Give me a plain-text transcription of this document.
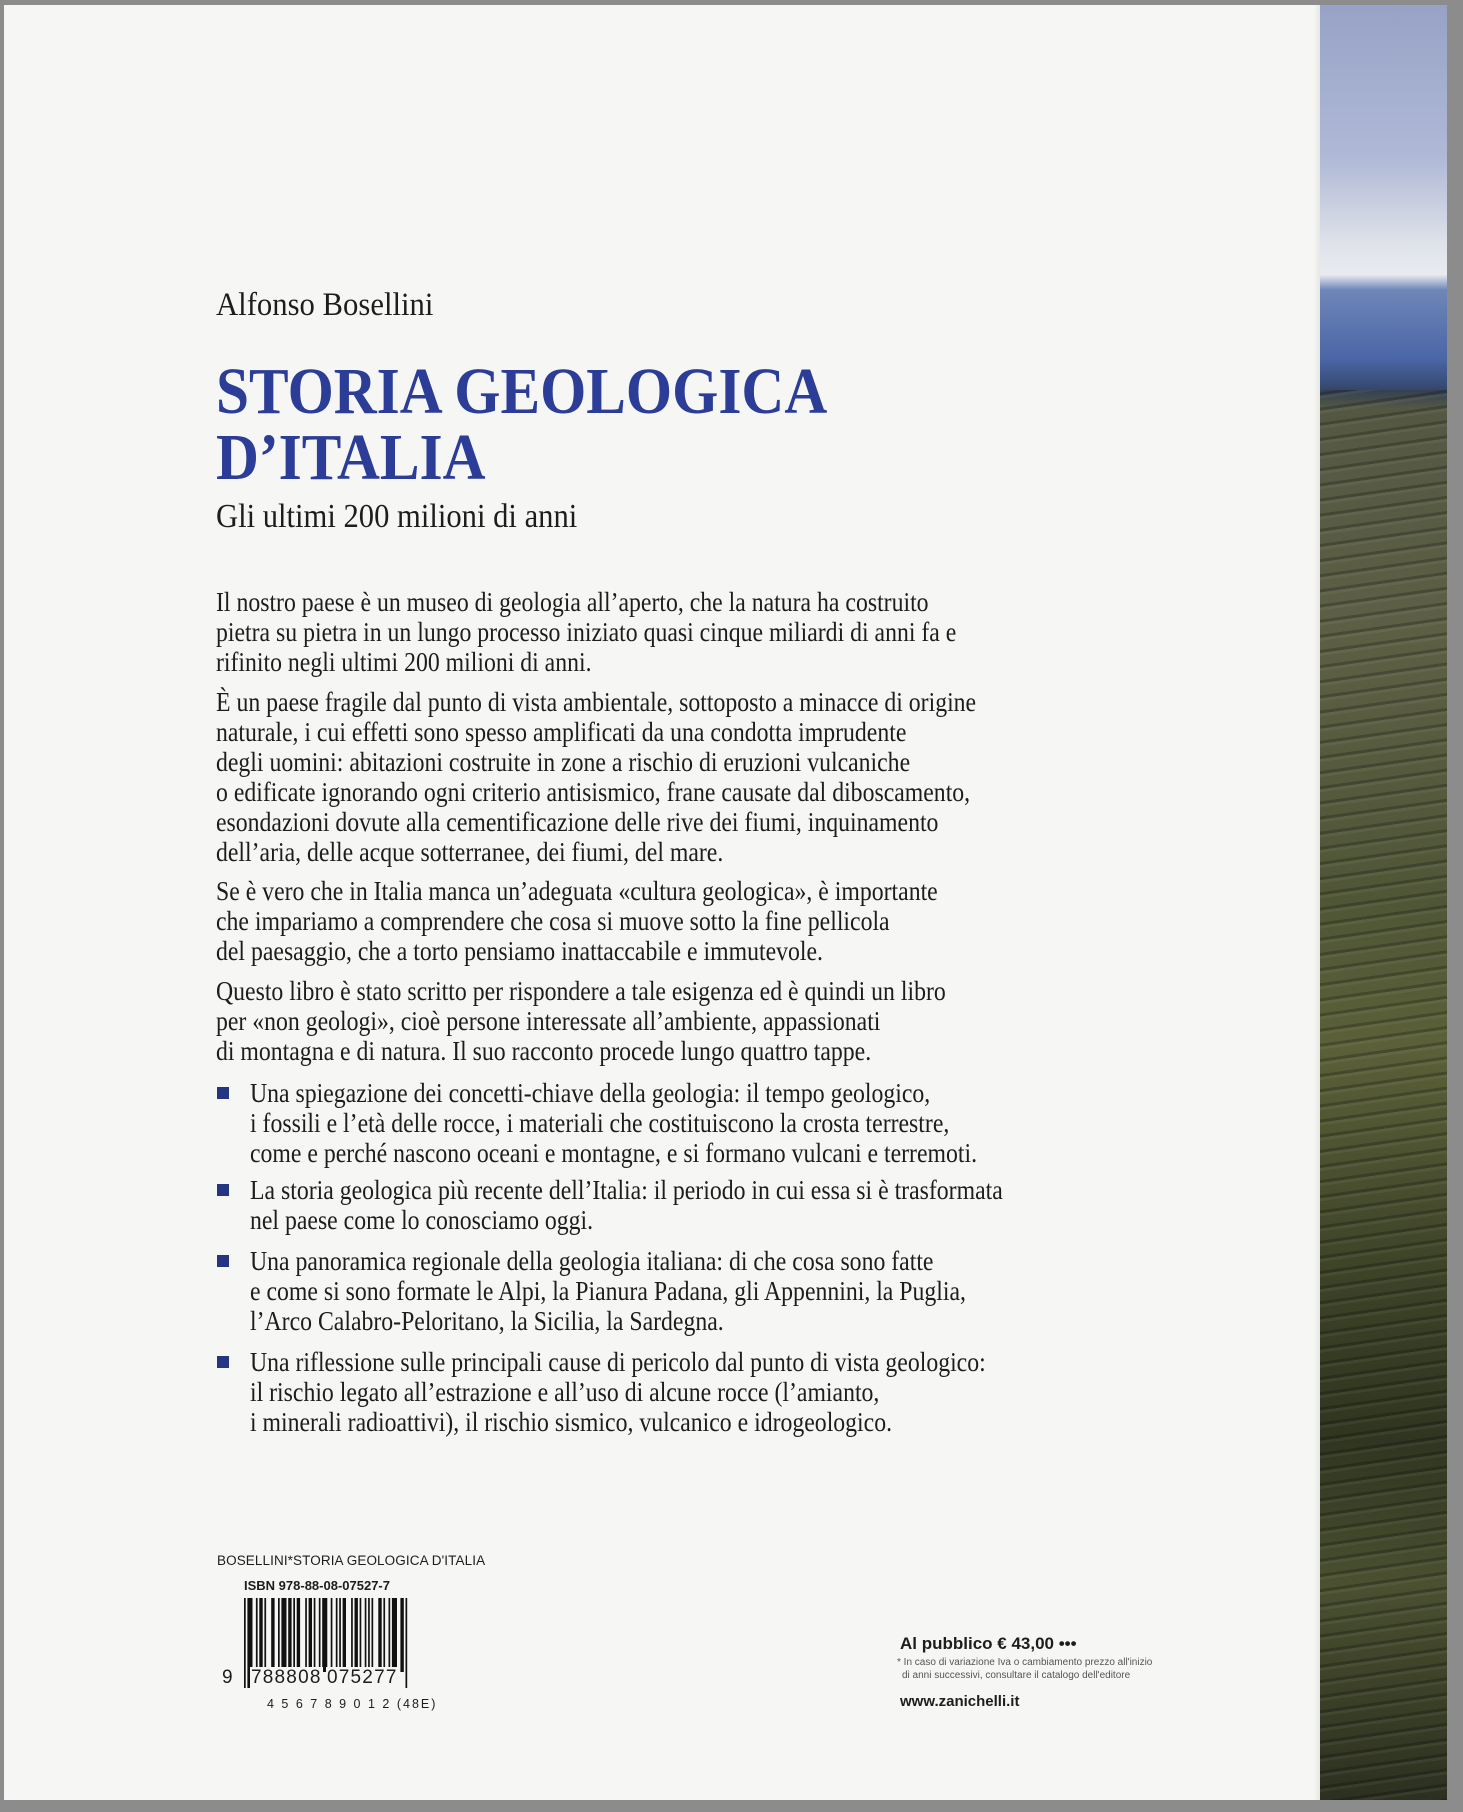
Alfonso Bosellini
STORIA GEOLOGICA
D’ITALIA
Gli ultimi 200 milioni di anni
Il nostro paese è un museo di geologia all’aperto, che la natura ha costruito
pietra su pietra in un lungo processo iniziato quasi cinque miliardi di anni fa e
rifinito negli ultimi 200 milioni di anni.
È un paese fragile dal punto di vista ambientale, sottoposto a minacce di origine
naturale, i cui effetti sono spesso amplificati da una condotta imprudente
degli uomini: abitazioni costruite in zone a rischio di eruzioni vulcaniche
o edificate ignorando ogni criterio antisismico, frane causate dal diboscamento,
esondazioni dovute alla cementificazione delle rive dei fiumi, inquinamento
dell’aria, delle acque sotterranee, dei fiumi, del mare.
Se è vero che in Italia manca un’adeguata «cultura geologica», è importante
che impariamo a comprendere che cosa si muove sotto la fine pellicola
del paesaggio, che a torto pensiamo inattaccabile e immutevole.
Questo libro è stato scritto per rispondere a tale esigenza ed è quindi un libro
per «non geologi», cioè persone interessate all’ambiente, appassionati
di montagna e di natura. Il suo racconto procede lungo quattro tappe.
Una spiegazione dei concetti-chiave della geologia: il tempo geologico,
i fossili e l’età delle rocce, i materiali che costituiscono la crosta terrestre,
come e perché nascono oceani e montagne, e si formano vulcani e terremoti.
La storia geologica più recente dell’Italia: il periodo in cui essa si è trasformata
nel paese come lo conosciamo oggi.
Una panoramica regionale della geologia italiana: di che cosa sono fatte
e come si sono formate le Alpi, la Pianura Padana, gli Appennini, la Puglia,
l’Arco Calabro-Peloritano, la Sicilia, la Sardegna.
Una riflessione sulle principali cause di pericolo dal punto di vista geologico:
il rischio legato all’estrazione e all’uso di alcune rocce (l’amianto,
i minerali radioattivi), il rischio sismico, vulcanico e idrogeologico.
BOSELLINI*STORIA GEOLOGICA D'ITALIA
ISBN 978-88-08-07527-7
9 788808 075277
4 5 6 7 8 9 0 1 2 (48E)
Al pubblico € 43,00 •••
* In caso di variazione Iva o cambiamento prezzo all'inizio
di anni successivi, consultare il catalogo dell'editore
www.zanichelli.it
